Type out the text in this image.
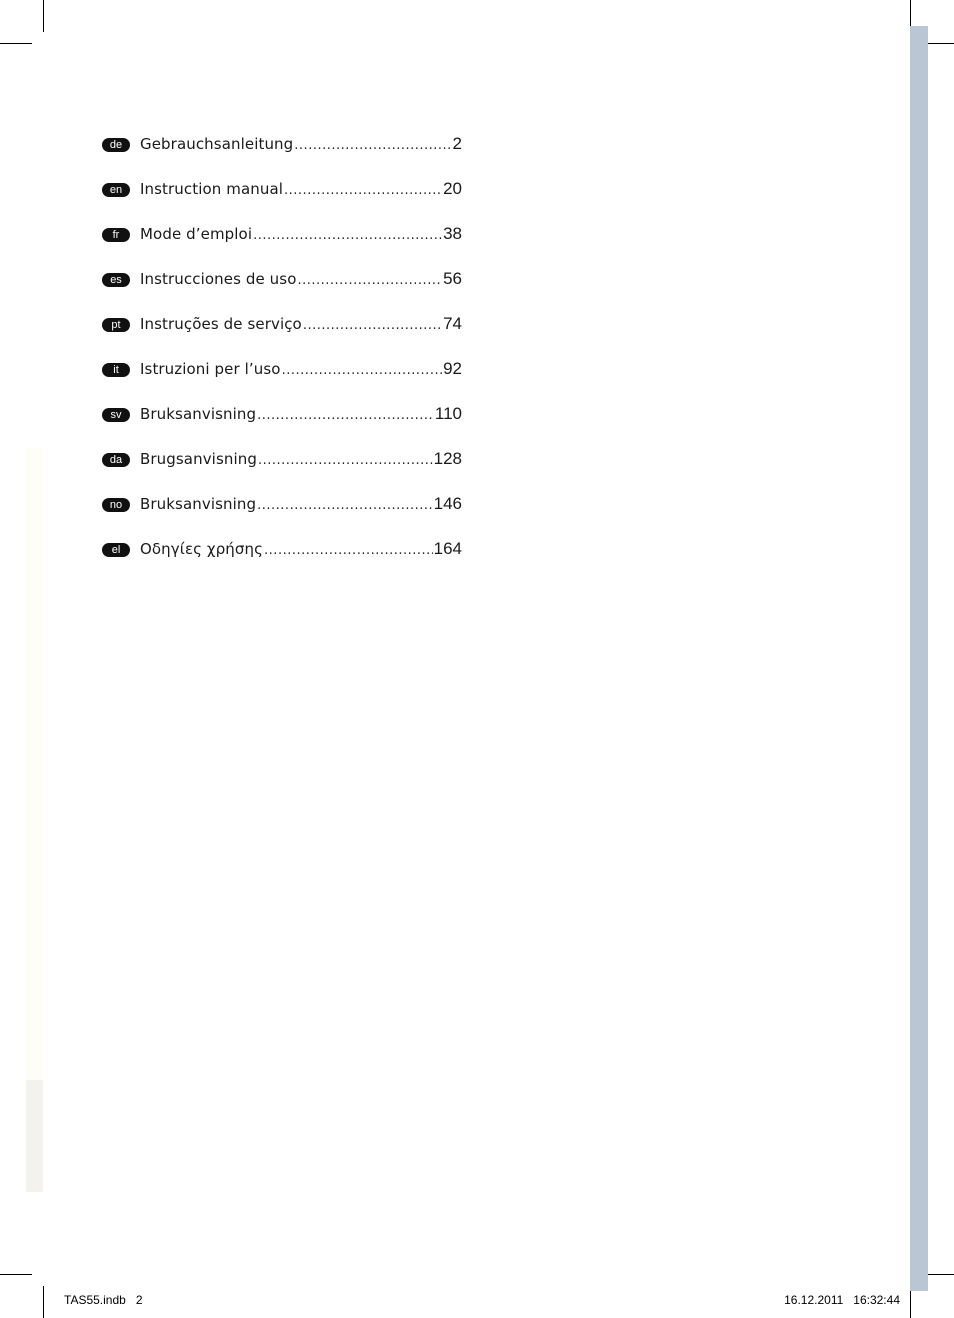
de	Gebrauchsanleitung .....	2
en	Instruction manual .....	20
fr	Mode d’emploi .....	38
es	Instrucciones de uso .....	56
pt	Instruções de serviço .....	74
it	Istruzioni per l’uso .....	92
sv	Bruksanvisning .....	110
da	Brugsanvisning .....	128
no	Bruksanvisning .....	146
el	Οδηγίες χρήσης .....	164
TAS55.indb   2	16.12.2011   16:32:44
